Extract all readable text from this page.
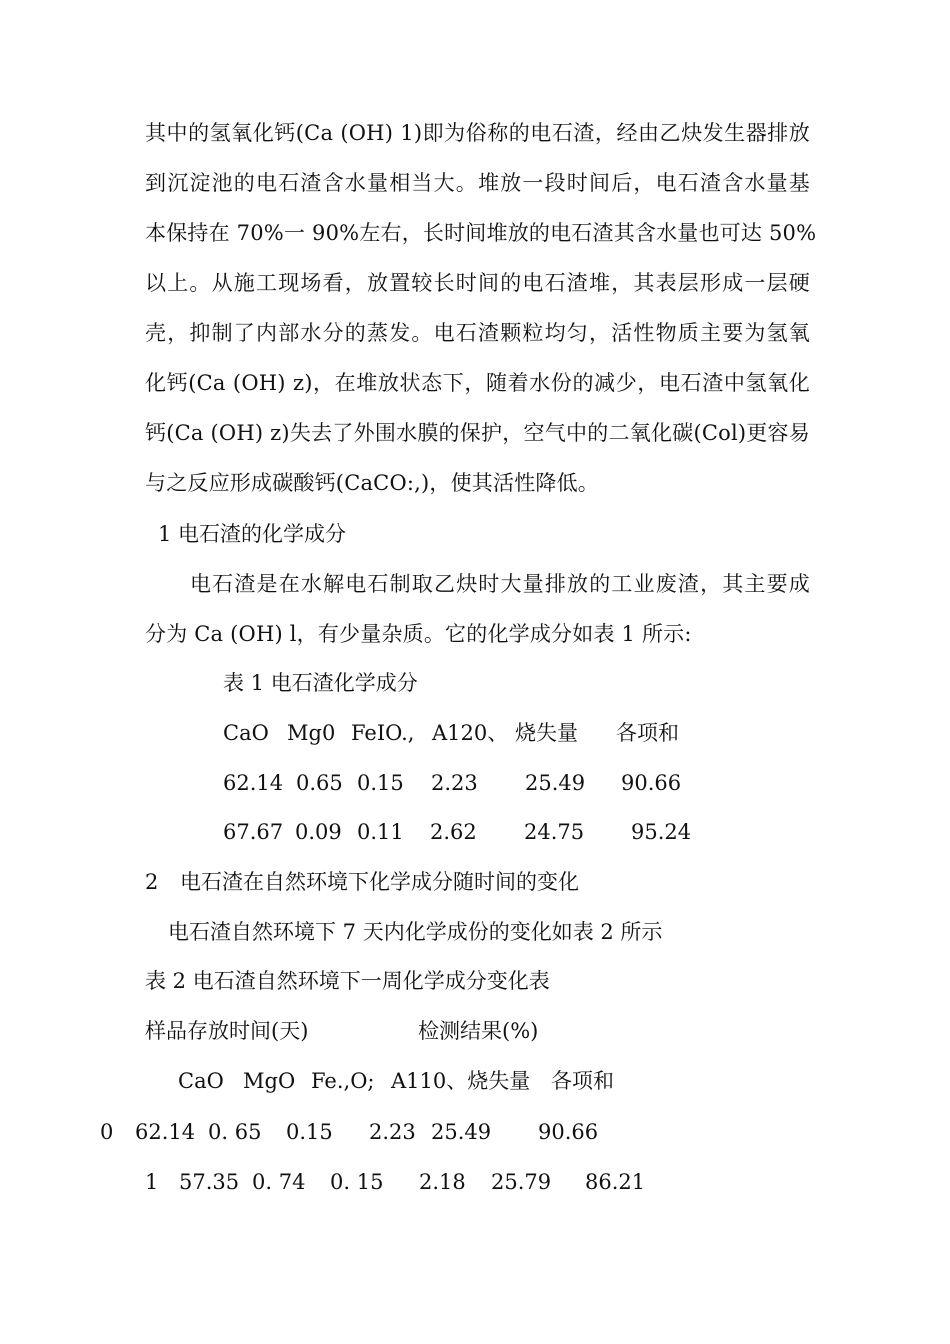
其中的氢氧化钙(Ca (OH) 1)即为俗称的电石渣，经由乙炔发生器排放
到沉淀池的电石渣含水量相当大。堆放一段时间后，电石渣含水量基
本保持在 70%一 90%左右，长时间堆放的电石渣其含水量也可达 50%
以上。从施工现场看，放置较长时间的电石渣堆，其表层形成一层硬
壳，抑制了内部水分的蒸发。电石渣颗粒均匀，活性物质主要为氢氧
化钙(Ca (OH) z)，在堆放状态下，随着水份的减少，电石渣中氢氧化
钙(Ca (OH) z)失去了外围水膜的保护，空气中的二氧化碳(Col)更容易
与之反应形成碳酸钙(CaCO:,)，使其活性降低。
1 电石渣的化学成分
电石渣是在水解电石制取乙炔时大量排放的工业废渣，其主要成
分为 Ca (OH) l，有少量杂质。它的化学成分如表 1 所示:
表 1 电石渣化学成分
CaO Mg0 FeIO., A120、 烧失量 各项和
62.14 0.65 0.15 2.23 25.49 90.66
67.67 0.09 0.11 2.62 24.75 95.24
2 电石渣在自然环境下化学成分随时间的变化
电石渣自然环境下 7 天内化学成份的变化如表 2 所示
表 2 电石渣自然环境下一周化学成分变化表
样品存放时间(天)	检测结果(%)
CaO MgO Fe.,O; A110、烧失量 各项和
0 62.14 0. 65 0.15 2.23 25.49 90.66
1 57.35 0. 74 0. 15 2.18 25.79 86.21
